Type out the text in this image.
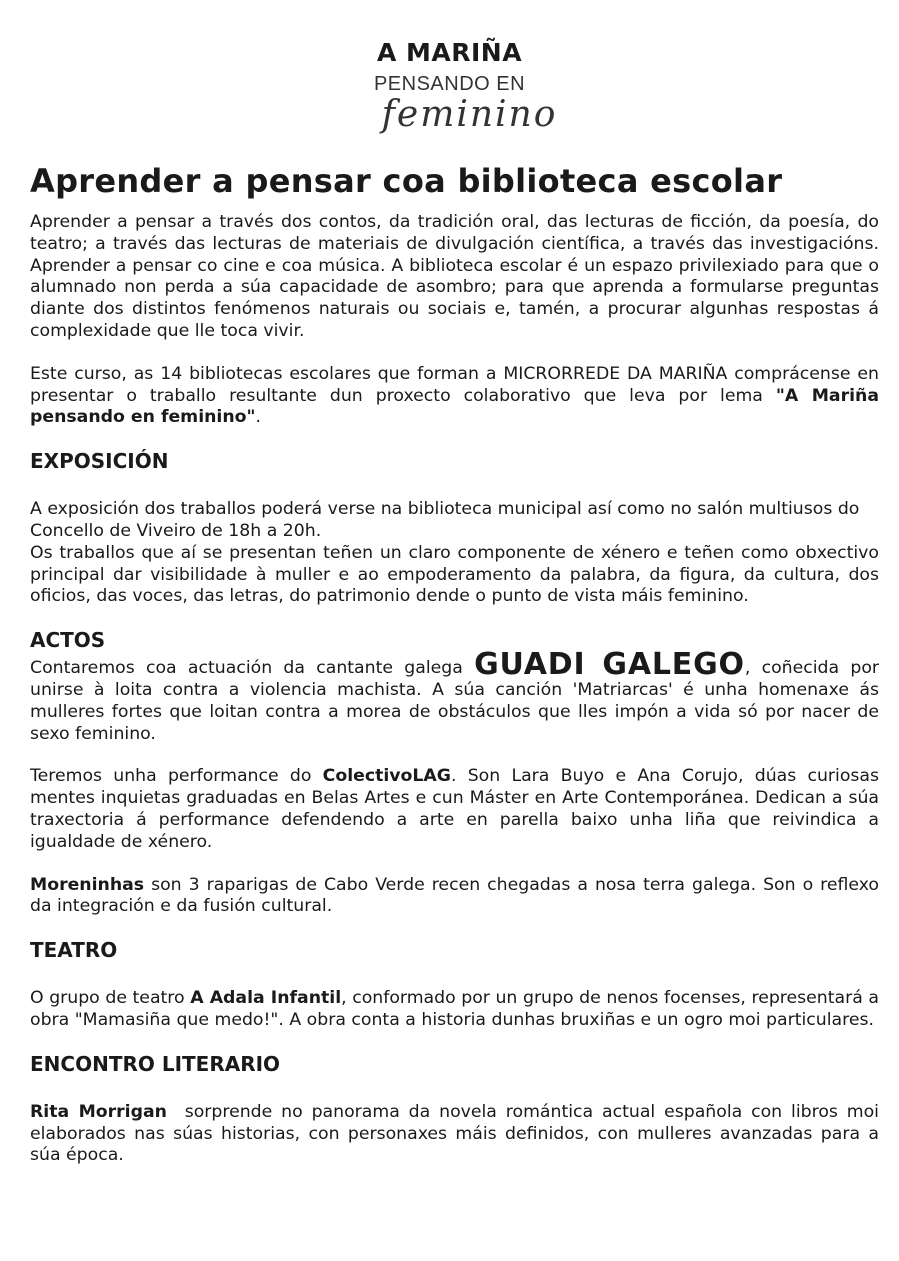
A MARIÑA
PENSANDO EN
feminino
Aprender a pensar coa biblioteca escolar

Aprender a pensar a través dos contos, da tradición oral, das lecturas de ficción, da poesía, do teatro; a través das lecturas de materiais de divulgación científica, a través das investigacións. Aprender a pensar co cine e coa música. A biblioteca escolar é un espazo privilexiado para que o alumnado non perda a súa capacidade de asombro; para que aprenda a formularse preguntas diante dos distintos fenómenos naturais ou sociais e, tamén, a procurar algunhas respostas á complexidade que lle toca vivir.

Este curso, as 14 bibliotecas escolares que forman a MICRORREDE DA MARIÑA comprácense en presentar o traballo resultante dun proxecto colaborativo que leva por lema "A Mariña pensando en feminino".

EXPOSICIÓN

A exposición dos traballos poderá verse na biblioteca municipal así como no salón multiusos do Concello de Viveiro de 18h a 20h.

Os traballos que aí se presentan teñen un claro componente de xénero e teñen como obxectivo principal dar visibilidade à muller e ao empoderamento da palabra, da figura, da cultura, dos oficios, das voces, das letras, do patrimonio dende o punto de vista máis feminino.

ACTOS

Contaremos coa actuación da cantante galega GUADI GALEGO, coñecida por unirse à loita contra a violencia machista. A súa canción 'Matriarcas' é unha homenaxe ás mulleres fortes que loitan contra a morea de obstáculos que lles impón a vida só por nacer de sexo feminino.

Teremos unha performance do ColectivoLAG. Son Lara Buyo e Ana Corujo, dúas curiosas mentes inquietas graduadas en Belas Artes e cun Máster en Arte Contemporánea. Dedican a súa traxectoria á performance defendendo a arte en parella baixo unha liña que reivindica a igualdade de xénero.

Moreninhas son 3 raparigas de Cabo Verde recen chegadas a nosa terra galega. Son o reflexo da integración e da fusión cultural.

TEATRO

O grupo de teatro A Adala Infantil, conformado por un grupo de nenos focenses, representará a obra "Mamasiña que medo!". A obra conta a historia dunhas bruxiñas e un ogro moi particulares.

ENCONTRO LITERARIO

Rita Morrigan  sorprende no panorama da novela romántica actual española con libros moi elaborados nas súas historias, con personaxes máis definidos, con mulleres avanzadas para a súa época.
